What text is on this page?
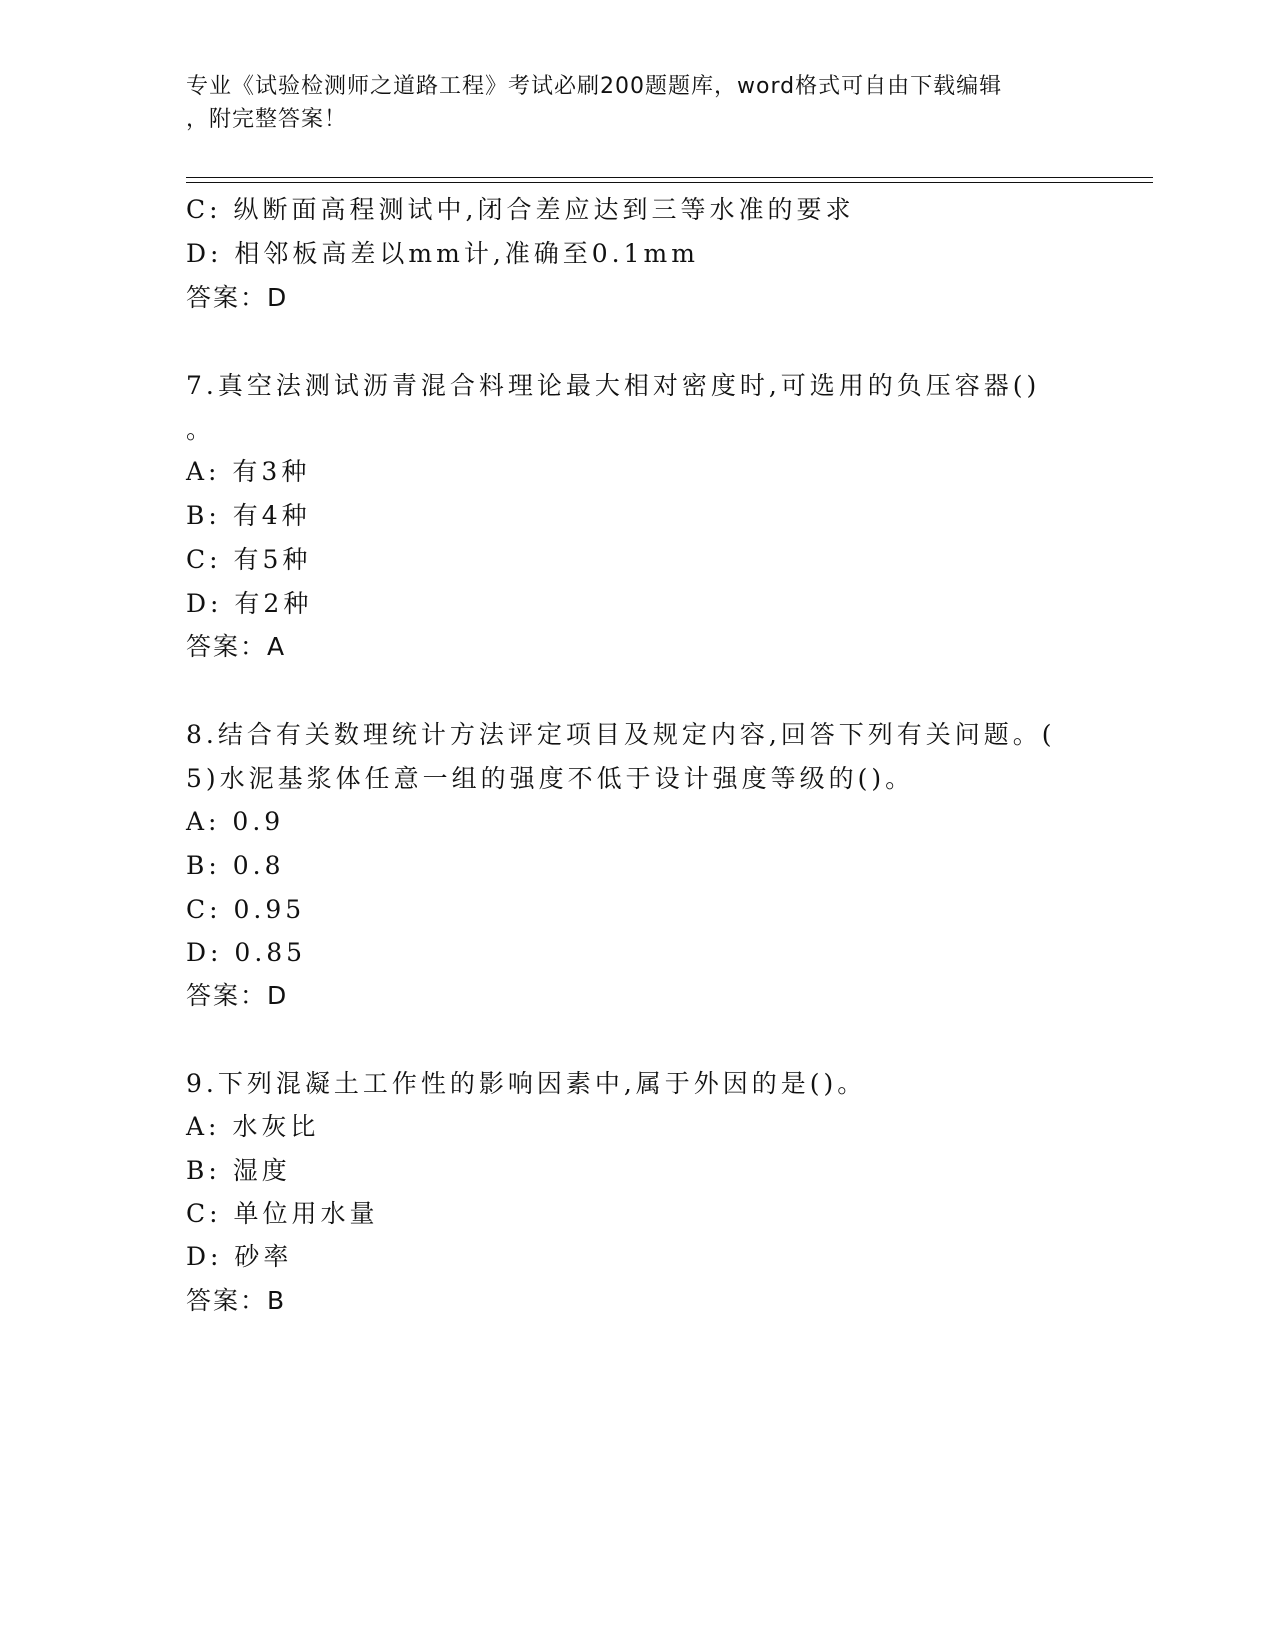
专业《试验检测师之道路工程》考试必刷200题题库，word格式可自由下载编辑

，附完整答案！

C: 纵断面高程测试中,闭合差应达到三等水准的要求

D: 相邻板高差以mm计,准确至0.1mm

答案：D

7.真空法测试沥青混合料理论最大相对密度时,可选用的负压容器()

。

A: 有3种

B: 有4种

C: 有5种

D: 有2种

答案：A

8.结合有关数理统计方法评定项目及规定内容,回答下列有关问题。(

5)水泥基浆体任意一组的强度不低于设计强度等级的()。

A: 0.9

B: 0.8

C: 0.95

D: 0.85

答案：D

9.下列混凝土工作性的影响因素中,属于外因的是()。

A: 水灰比

B: 湿度

C: 单位用水量

D: 砂率

答案：B
